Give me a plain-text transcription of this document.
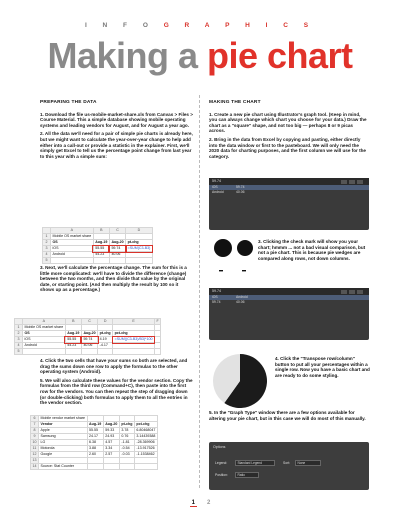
I N F O G R A P H I C S
Making a pie chart
PREPARING THE DATA
1. Download the file us-mobile-market-share.xls from Canvas > Files > Course Material. This a simple database showing mobile operating systems and leading vendors for August, and for August a year ago.
2. All the data we'll need for a pair of simple pie charts is already here, but we might want to calculate the year-over-year change to help add either into a call-out or provide a statistic in the explainer. First, we'll simply get Excel to tell us the percentage point change from last year to this year with a simple sum:
	A	B	C	D
1	Mobile OS market share			
2	OS	Aug-19	Aug-20	pt-chg
3	iOS	55.55	59.74	=SUM(C3-B3)
4	Android	44.23	40.06	
5				
3. Next, we'll calculate the percentage change. The sum for this is a little more complicated: we'll have to divide the difference (change) between the two months, and then divide that value by the original date, or starting point. (And then multiply the result by 100 so it shows up as a percentage.)
	A	B	C	D	E	F
1	Mobile OS market share					
2	OS	Aug-19	Aug-20	pt-chg	pct-chg	
3	iOS	55.55	59.74	4.19	=SUM((C3-B3)/B3)*100	
4	Android	44.23	40.06	-4.17		
5						
4. Click the two cells that have your sums so both are selected, and drag the sums down one row to apply the formulas to the other operating system (Android).
5. We will also calculate these values for the vendor section. Copy the formulas from the third row (Command+C), then paste into the first row for the vendors. You can then repeat the step of dragging down (or double-clicking) both formulas to apply them to all the entries in the vendor section.
6	Mobile vendor market share				
7	Vendor	Aug-19	Aug-20	pt-chg	pct-chg
8	Apple	55.55	59.33	3.78	6.80468047
9	Samsung	24.17	24.93	0.76	3.14439388
10	LG	6.38	4.57	-1.81	-28.369906
11	Motorola	3.88	3.34	-0.54	-13.917526
12	Google	2.60	2.57	-0.03	-1.1538462
13					
14	Source: Stat Counter				
MAKING THE CHART
1. Create a new pie chart using Illustrator's graph tool. (Keep in mind, you can always change which chart you choose for your data.) Draw the chart as a "square" shape, and not too big — perhaps 8 or 9 picas across.
2. Bring in the data from Excel by copying and pasting, either directly into the data window or first to the pasteboard. We will only need the 2020 data for charting purposes, and the first column we will use for the category.
59.74
iOS	59.74
Android	40.06
3. Clicking the check mark will show you your chart; hmmm ... not a bad visual comparison, but not a pie chart. This is because pie wedges are compared along rows, not down columns.
59.74
iOS	Android
59.74	40.06
4. Click the "Transpose row/column" button to put all your percentages within a single row. Now you have a basic chart and are ready to do some styling.
5. In the "Graph Type" window there are a few options available for altering your pie chart, but in this case we will do most of this manually.
Options
Legend:	Standard Legend	Sort:	None
Position:	Ratio
1 2
